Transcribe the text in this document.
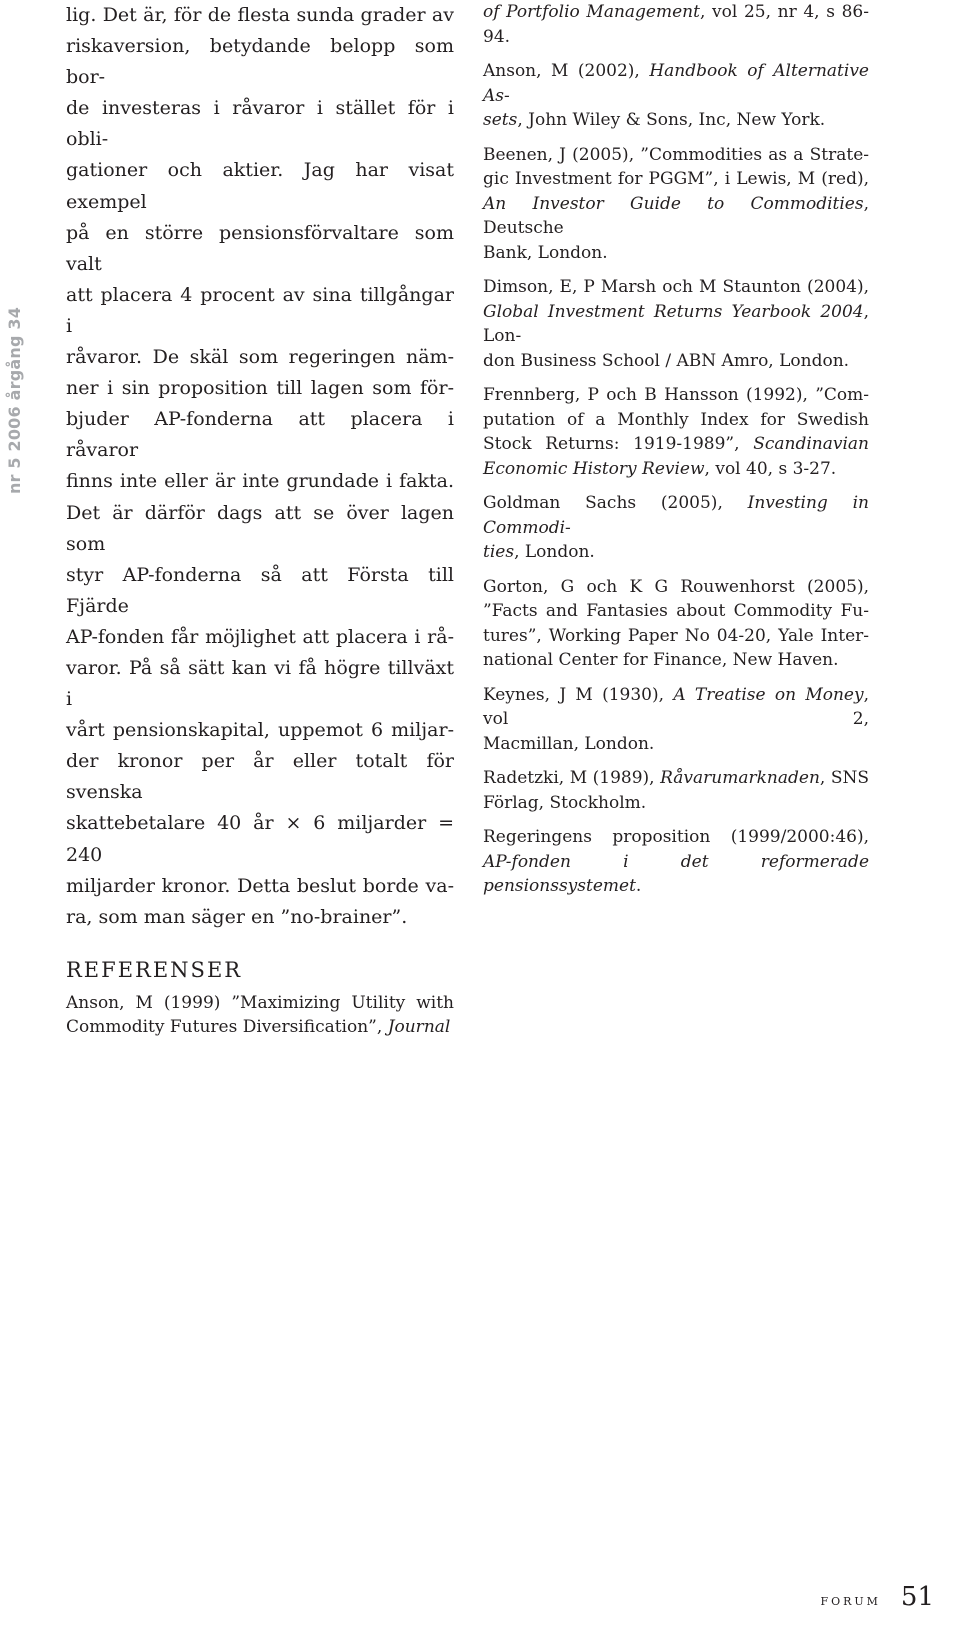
nr 5 2006 årgång 34

lig. Det är, för de flesta sunda grader av
riskaversion, betydande belopp som bor-
de investeras i råvaror i stället för i obli-
gationer och aktier. Jag har visat exempel
på en större pensionsförvaltare som valt
att placera 4 procent av sina tillgångar i
råvaror. De skäl som regeringen näm-
ner i sin proposition till lagen som för-
bjuder AP-fonderna att placera i råvaror
finns inte eller är inte grundade i fakta.
Det är därför dags att se över lagen som
styr AP-fonderna så att Första till Fjärde
AP-fonden får möjlighet att placera i rå-
varor. På så sätt kan vi få högre tillväxt i
vårt pensionskapital, uppemot 6 miljar-
der kronor per år eller totalt för svenska
skattebetalare 40 år × 6 miljarder = 240
miljarder kronor. Detta beslut borde va-
ra, som man säger en ”no-brainer”.

REFERENSER
Anson, M (1999) ”Maximizing Utility with
Commodity Futures Diversification”, Journal
of Portfolio Management, vol 25, nr 4, s 86-94.
Anson, M (2002), Handbook of Alternative As-
sets, John Wiley & Sons, Inc, New York.
Beenen, J (2005), ”Commodities as a Strate-
gic Investment for PGGM”, i Lewis, M (red),
An Investor Guide to Commodities, Deutsche
Bank, London.
Dimson, E, P Marsh och M Staunton (2004),
Global Investment Returns Yearbook 2004, Lon-
don Business School / ABN Amro, London.
Frennberg, P och B Hansson (1992), ”Com-
putation of a Monthly Index for Swedish
Stock Returns: 1919-1989”, Scandinavian
Economic History Review, vol 40, s 3-27.
Goldman Sachs (2005), Investing in Commodi-
ties, London.
Gorton, G och K G Rouwenhorst (2005),
”Facts and Fantasies about Commodity Fu-
tures”, Working Paper No 04-20, Yale Inter-
national Center for Finance, New Haven.
Keynes, J M (1930), A Treatise on Money, vol 2,
Macmillan, London.
Radetzki, M (1989), Råvarumarknaden, SNS
Förlag, Stockholm.
Regeringens proposition (1999/2000:46),
AP-fonden i det reformerade pensionssystemet.
forum 51
